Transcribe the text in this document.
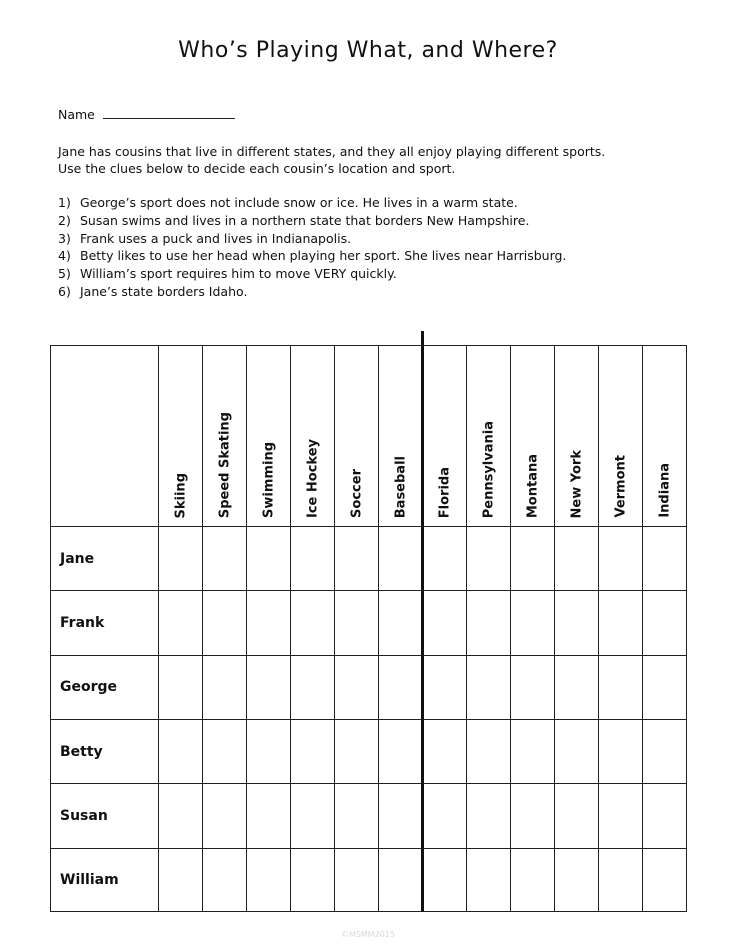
Who’s Playing What, and Where?
Name

Jane has cousins that live in different states, and they all enjoy playing different sports.

Use the clues below to decide each cousin’s location and sport.

1) George’s sport does not include snow or ice. He lives in a warm state.
2) Susan swims and lives in a northern state that borders New Hampshire.
3) Frank uses a puck and lives in Indianapolis.
4) Betty likes to use her head when playing her sport. She lives near Harrisburg.
5) William’s sport requires him to move VERY quickly.
6) Jane’s state borders Idaho.

	Skiing	Speed Skating	Swimming	Ice Hockey	Soccer	Baseball	Florida	Pennsylvania	Montana	New York	Vermont	Indiana

Jane												
Frank												
George												
Betty												
Susan												
William												
©MSMM2015
